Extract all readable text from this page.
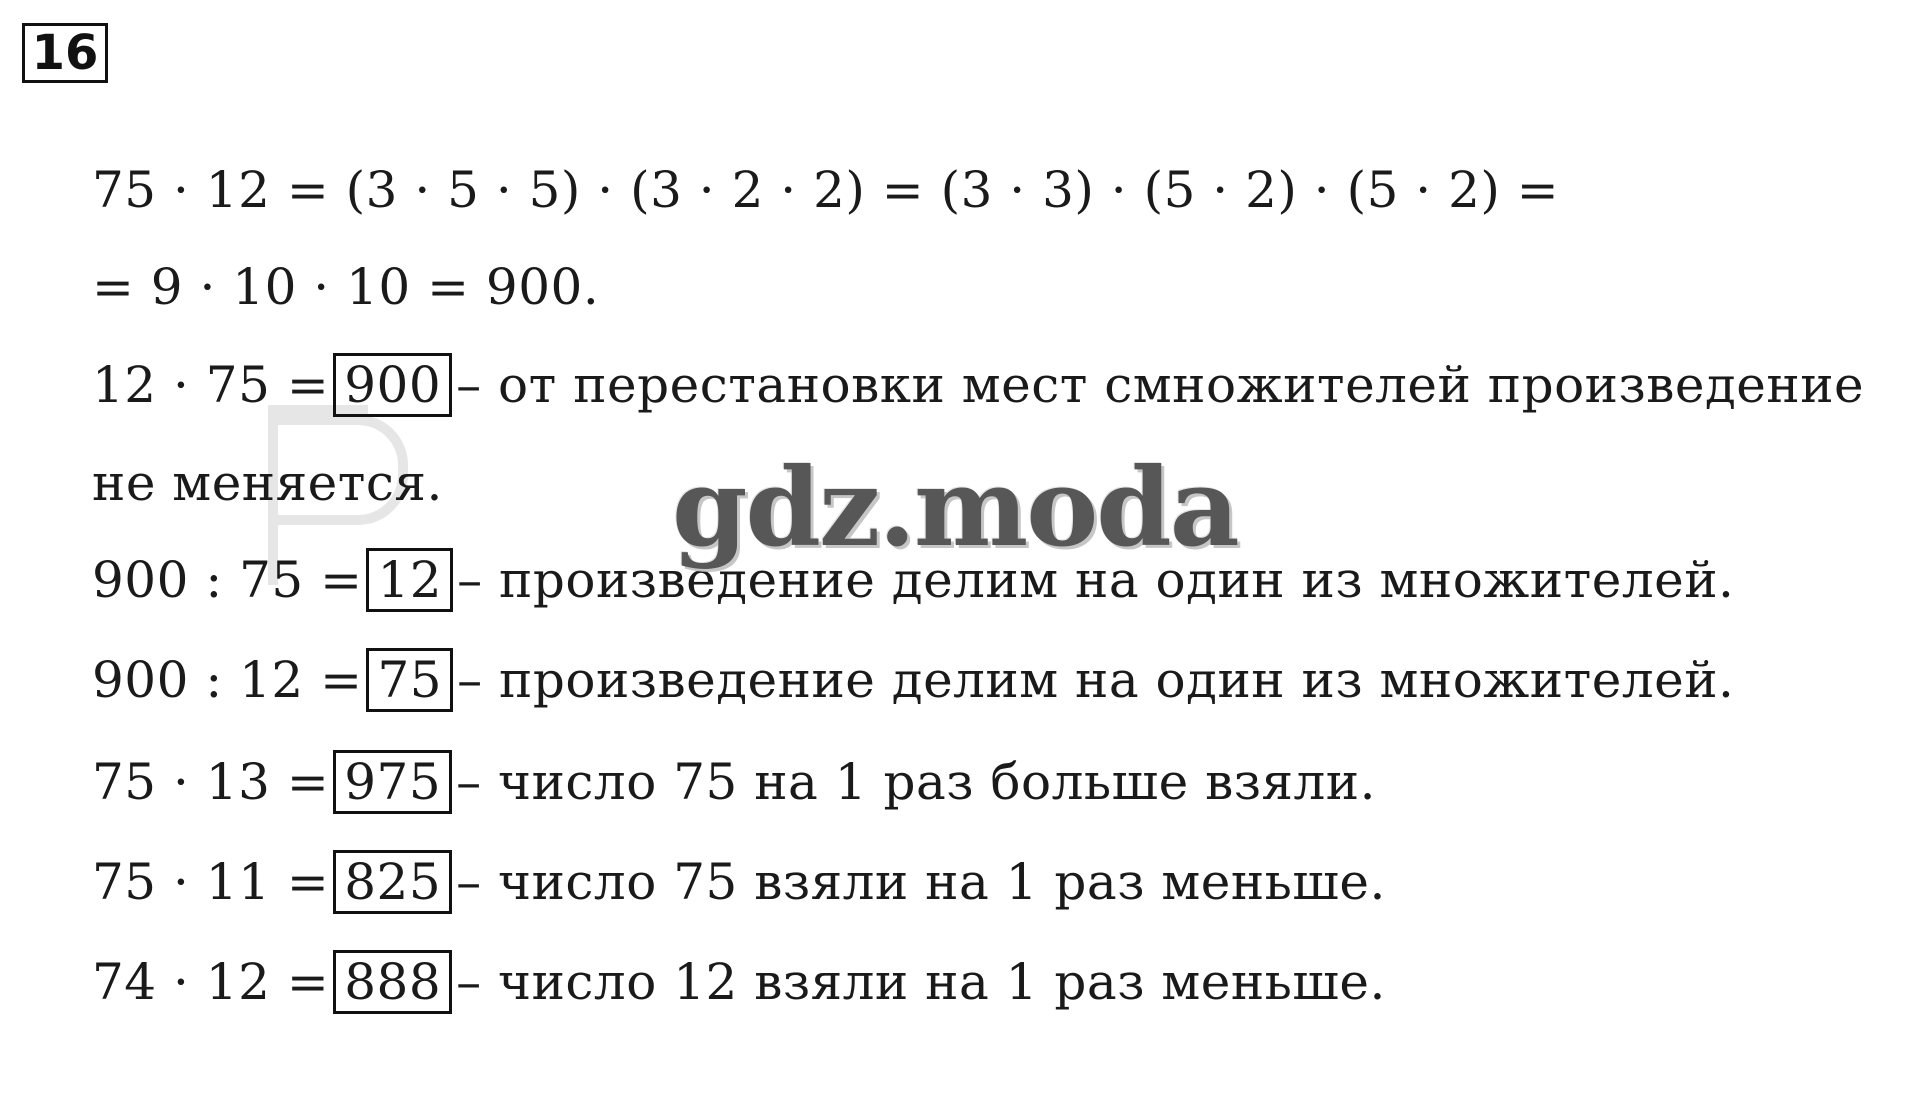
16
75 · 12 = (3 · 5 · 5) · (3 · 2 · 2) = (3 · 3) · (5 · 2) · (5 · 2) =
= 9 · 10 · 10 = 900.
12 · 75 = 900 – от перестановки мест смножителей произведение
не меняется.
900 : 75 = 12 – произведение делим на один из множителей.
900 : 12 = 75 – произведение делим на один из множителей.
75 · 13 = 975 – число 75 на 1 раз больше взяли.
75 · 11 = 825 – число 75 взяли на 1 раз меньше.
74 · 12 = 888 – число 12 взяли на 1 раз меньше.
gdz.moda
